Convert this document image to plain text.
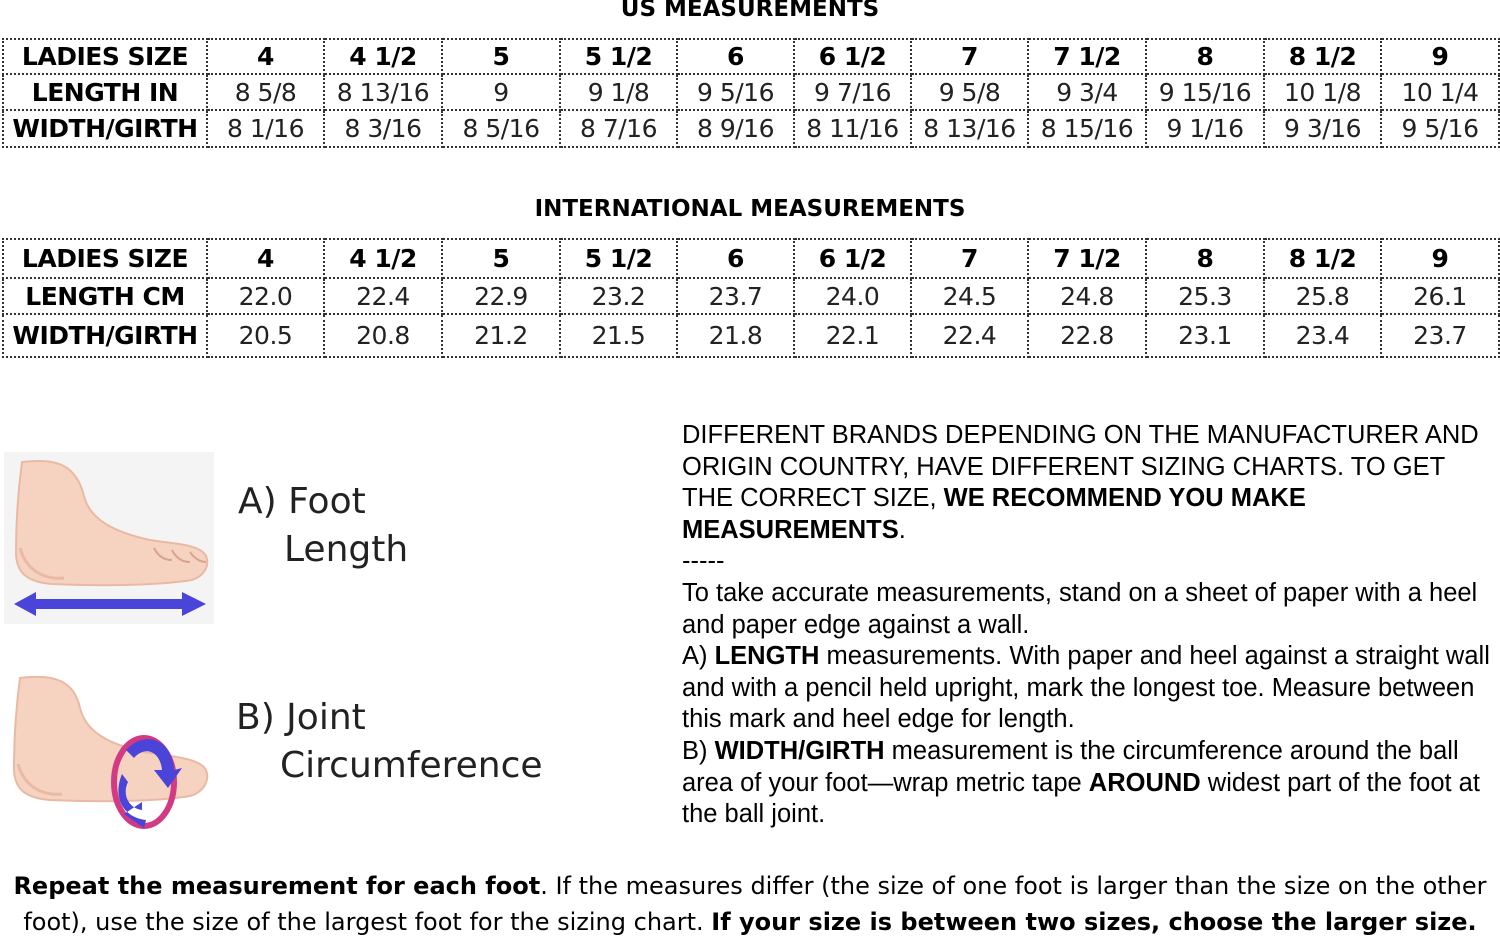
US MEASUREMENTS
LADIES SIZE	4	4 1/2	5	5 1/2	6	6 1/2	7	7 1/2	8	8 1/2	9
LENGTH IN	8 5/8	8 13/16	9	9 1/8	9 5/16	9 7/16	9 5/8	9 3/4	9 15/16	10 1/8	10 1/4
WIDTH/GIRTH	8 1/16	8 3/16	8 5/16	8 7/16	8 9/16	8 11/16	8 13/16	8 15/16	9 1/16	9 3/16	9 5/16
INTERNATIONAL MEASUREMENTS
LADIES SIZE	4	4 1/2	5	5 1/2	6	6 1/2	7	7 1/2	8	8 1/2	9
LENGTH CM	22.0	22.4	22.9	23.2	23.7	24.0	24.5	24.8	25.3	25.8	26.1
WIDTH/GIRTH	20.5	20.8	21.2	21.5	21.8	22.1	22.4	22.8	23.1	23.4	23.7
A) Foot
Length
B) Joint
Circumference

DIFFERENT BRANDS DEPENDING ON THE MANUFACTURER AND ORIGIN COUNTRY, HAVE DIFFERENT SIZING CHARTS. TO GET THE CORRECT SIZE, WE RECOMMEND YOU MAKE MEASUREMENTS.

-----

To take accurate measurements, stand on a sheet of paper with a heel and paper edge against a wall.

A) LENGTH measurements. With paper and heel against a straight wall and with a pencil held upright, mark the longest toe. Measure between this mark and heel edge for length.

B) WIDTH/GIRTH measurement is the circumference around the ball area of your foot—wrap metric tape AROUND widest part of the foot at the ball joint.

Repeat the measurement for each foot. If the measures differ (the size of one foot is larger than the size on the other foot), use the size of the largest foot for the sizing chart. If your size is between two sizes, choose the larger size.
